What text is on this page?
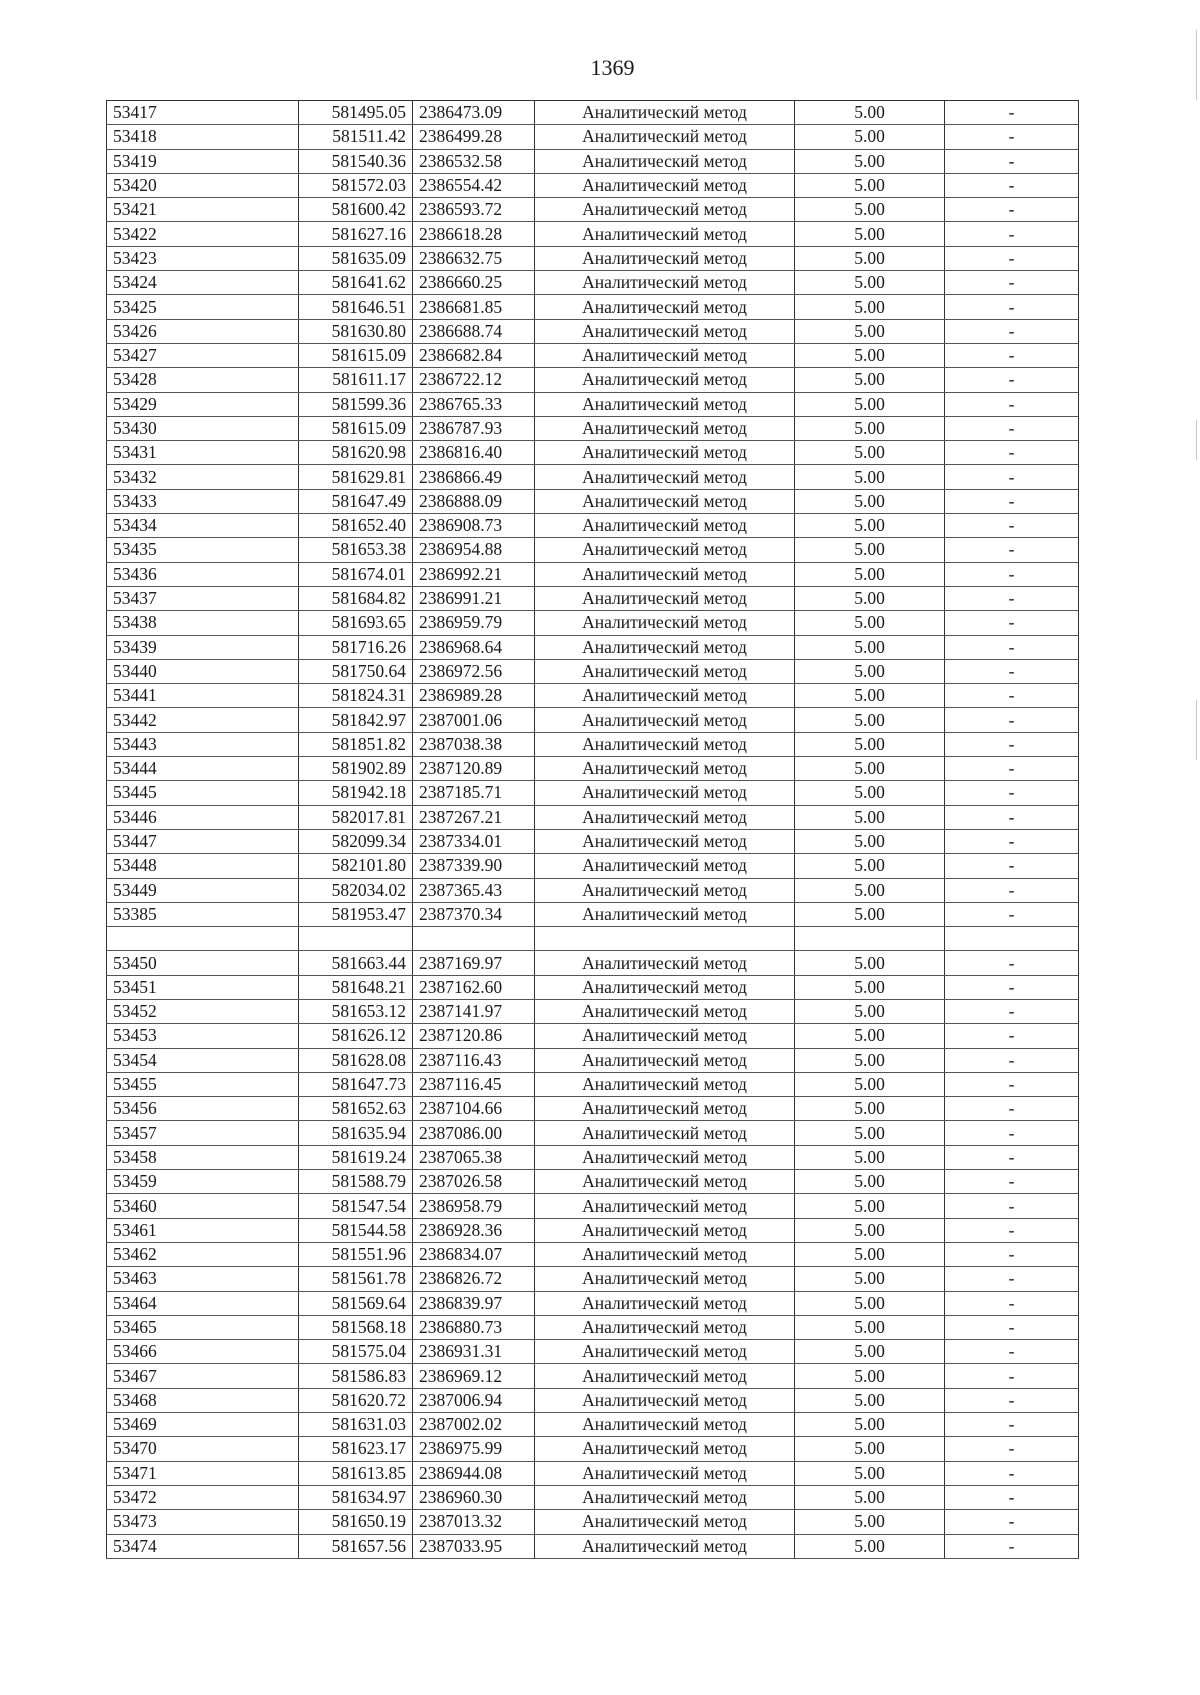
1369
53417	581495.05	2386473.09	Аналитический метод	5.00	-
53418	581511.42	2386499.28	Аналитический метод	5.00	-
53419	581540.36	2386532.58	Аналитический метод	5.00	-
53420	581572.03	2386554.42	Аналитический метод	5.00	-
53421	581600.42	2386593.72	Аналитический метод	5.00	-
53422	581627.16	2386618.28	Аналитический метод	5.00	-
53423	581635.09	2386632.75	Аналитический метод	5.00	-
53424	581641.62	2386660.25	Аналитический метод	5.00	-
53425	581646.51	2386681.85	Аналитический метод	5.00	-
53426	581630.80	2386688.74	Аналитический метод	5.00	-
53427	581615.09	2386682.84	Аналитический метод	5.00	-
53428	581611.17	2386722.12	Аналитический метод	5.00	-
53429	581599.36	2386765.33	Аналитический метод	5.00	-
53430	581615.09	2386787.93	Аналитический метод	5.00	-
53431	581620.98	2386816.40	Аналитический метод	5.00	-
53432	581629.81	2386866.49	Аналитический метод	5.00	-
53433	581647.49	2386888.09	Аналитический метод	5.00	-
53434	581652.40	2386908.73	Аналитический метод	5.00	-
53435	581653.38	2386954.88	Аналитический метод	5.00	-
53436	581674.01	2386992.21	Аналитический метод	5.00	-
53437	581684.82	2386991.21	Аналитический метод	5.00	-
53438	581693.65	2386959.79	Аналитический метод	5.00	-
53439	581716.26	2386968.64	Аналитический метод	5.00	-
53440	581750.64	2386972.56	Аналитический метод	5.00	-
53441	581824.31	2386989.28	Аналитический метод	5.00	-
53442	581842.97	2387001.06	Аналитический метод	5.00	-
53443	581851.82	2387038.38	Аналитический метод	5.00	-
53444	581902.89	2387120.89	Аналитический метод	5.00	-
53445	581942.18	2387185.71	Аналитический метод	5.00	-
53446	582017.81	2387267.21	Аналитический метод	5.00	-
53447	582099.34	2387334.01	Аналитический метод	5.00	-
53448	582101.80	2387339.90	Аналитический метод	5.00	-
53449	582034.02	2387365.43	Аналитический метод	5.00	-
53385	581953.47	2387370.34	Аналитический метод	5.00	-

53450	581663.44	2387169.97	Аналитический метод	5.00	-
53451	581648.21	2387162.60	Аналитический метод	5.00	-
53452	581653.12	2387141.97	Аналитический метод	5.00	-
53453	581626.12	2387120.86	Аналитический метод	5.00	-
53454	581628.08	2387116.43	Аналитический метод	5.00	-
53455	581647.73	2387116.45	Аналитический метод	5.00	-
53456	581652.63	2387104.66	Аналитический метод	5.00	-
53457	581635.94	2387086.00	Аналитический метод	5.00	-
53458	581619.24	2387065.38	Аналитический метод	5.00	-
53459	581588.79	2387026.58	Аналитический метод	5.00	-
53460	581547.54	2386958.79	Аналитический метод	5.00	-
53461	581544.58	2386928.36	Аналитический метод	5.00	-
53462	581551.96	2386834.07	Аналитический метод	5.00	-
53463	581561.78	2386826.72	Аналитический метод	5.00	-
53464	581569.64	2386839.97	Аналитический метод	5.00	-
53465	581568.18	2386880.73	Аналитический метод	5.00	-
53466	581575.04	2386931.31	Аналитический метод	5.00	-
53467	581586.83	2386969.12	Аналитический метод	5.00	-
53468	581620.72	2387006.94	Аналитический метод	5.00	-
53469	581631.03	2387002.02	Аналитический метод	5.00	-
53470	581623.17	2386975.99	Аналитический метод	5.00	-
53471	581613.85	2386944.08	Аналитический метод	5.00	-
53472	581634.97	2386960.30	Аналитический метод	5.00	-
53473	581650.19	2387013.32	Аналитический метод	5.00	-
53474	581657.56	2387033.95	Аналитический метод	5.00	-
